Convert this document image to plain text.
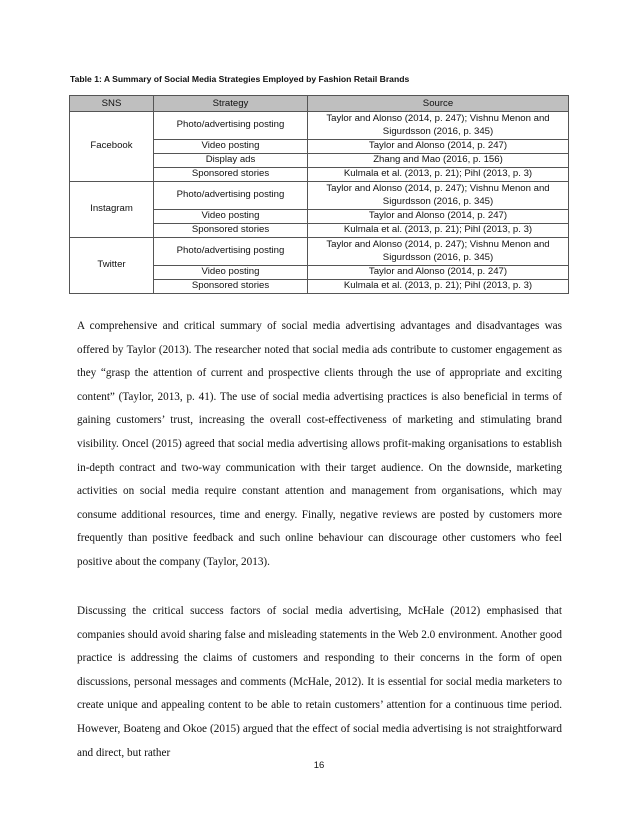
Table 1: A Summary of Social Media Strategies Employed by Fashion Retail Brands
SNS	Strategy	Source
Facebook	Photo/advertising posting	Taylor and Alonso (2014, p. 247); Vishnu Menon and Sigurdsson (2016, p. 345)
	Video posting	Taylor and Alonso (2014, p. 247)
	Display ads	Zhang and Mao (2016, p. 156)
	Sponsored stories	Kulmala et al. (2013, p. 21); Pihl (2013, p. 3)
Instagram	Photo/advertising posting	Taylor and Alonso (2014, p. 247); Vishnu Menon and Sigurdsson (2016, p. 345)
	Video posting	Taylor and Alonso (2014, p. 247)
	Sponsored stories	Kulmala et al. (2013, p. 21); Pihl (2013, p. 3)
Twitter	Photo/advertising posting	Taylor and Alonso (2014, p. 247); Vishnu Menon and Sigurdsson (2016, p. 345)
	Video posting	Taylor and Alonso (2014, p. 247)
	Sponsored stories	Kulmala et al. (2013, p. 21); Pihl (2013, p. 3)

A comprehensive and critical summary of social media advertising advantages and disadvantages was offered by Taylor (2013). The researcher noted that social media ads contribute to customer engagement as they “grasp the attention of current and prospective clients through the use of appropriate and exciting content” (Taylor, 2013, p. 41). The use of social media advertising practices is also beneficial in terms of gaining customers’ trust, increasing the overall cost-effectiveness of marketing and stimulating brand visibility. Oncel (2015) agreed that social media advertising allows profit-making organisations to establish in-depth contract and two-way communication with their target audience. On the downside, marketing activities on social media require constant attention and management from organisations, which may consume additional resources, time and energy. Finally, negative reviews are posted by customers more frequently than positive feedback and such online behaviour can discourage other customers who feel positive about the company (Taylor, 2013).

Discussing the critical success factors of social media advertising, McHale (2012) emphasised that companies should avoid sharing false and misleading statements in the Web 2.0 environment. Another good practice is addressing the claims of customers and responding to their concerns in the form of open discussions, personal messages and comments (McHale, 2012). It is essential for social media marketers to create unique and appealing content to be able to retain customers’ attention for a continuous time period. However, Boateng and Okoe (2015) argued that the effect of social media advertising is not straightforward and direct, but rather

16
